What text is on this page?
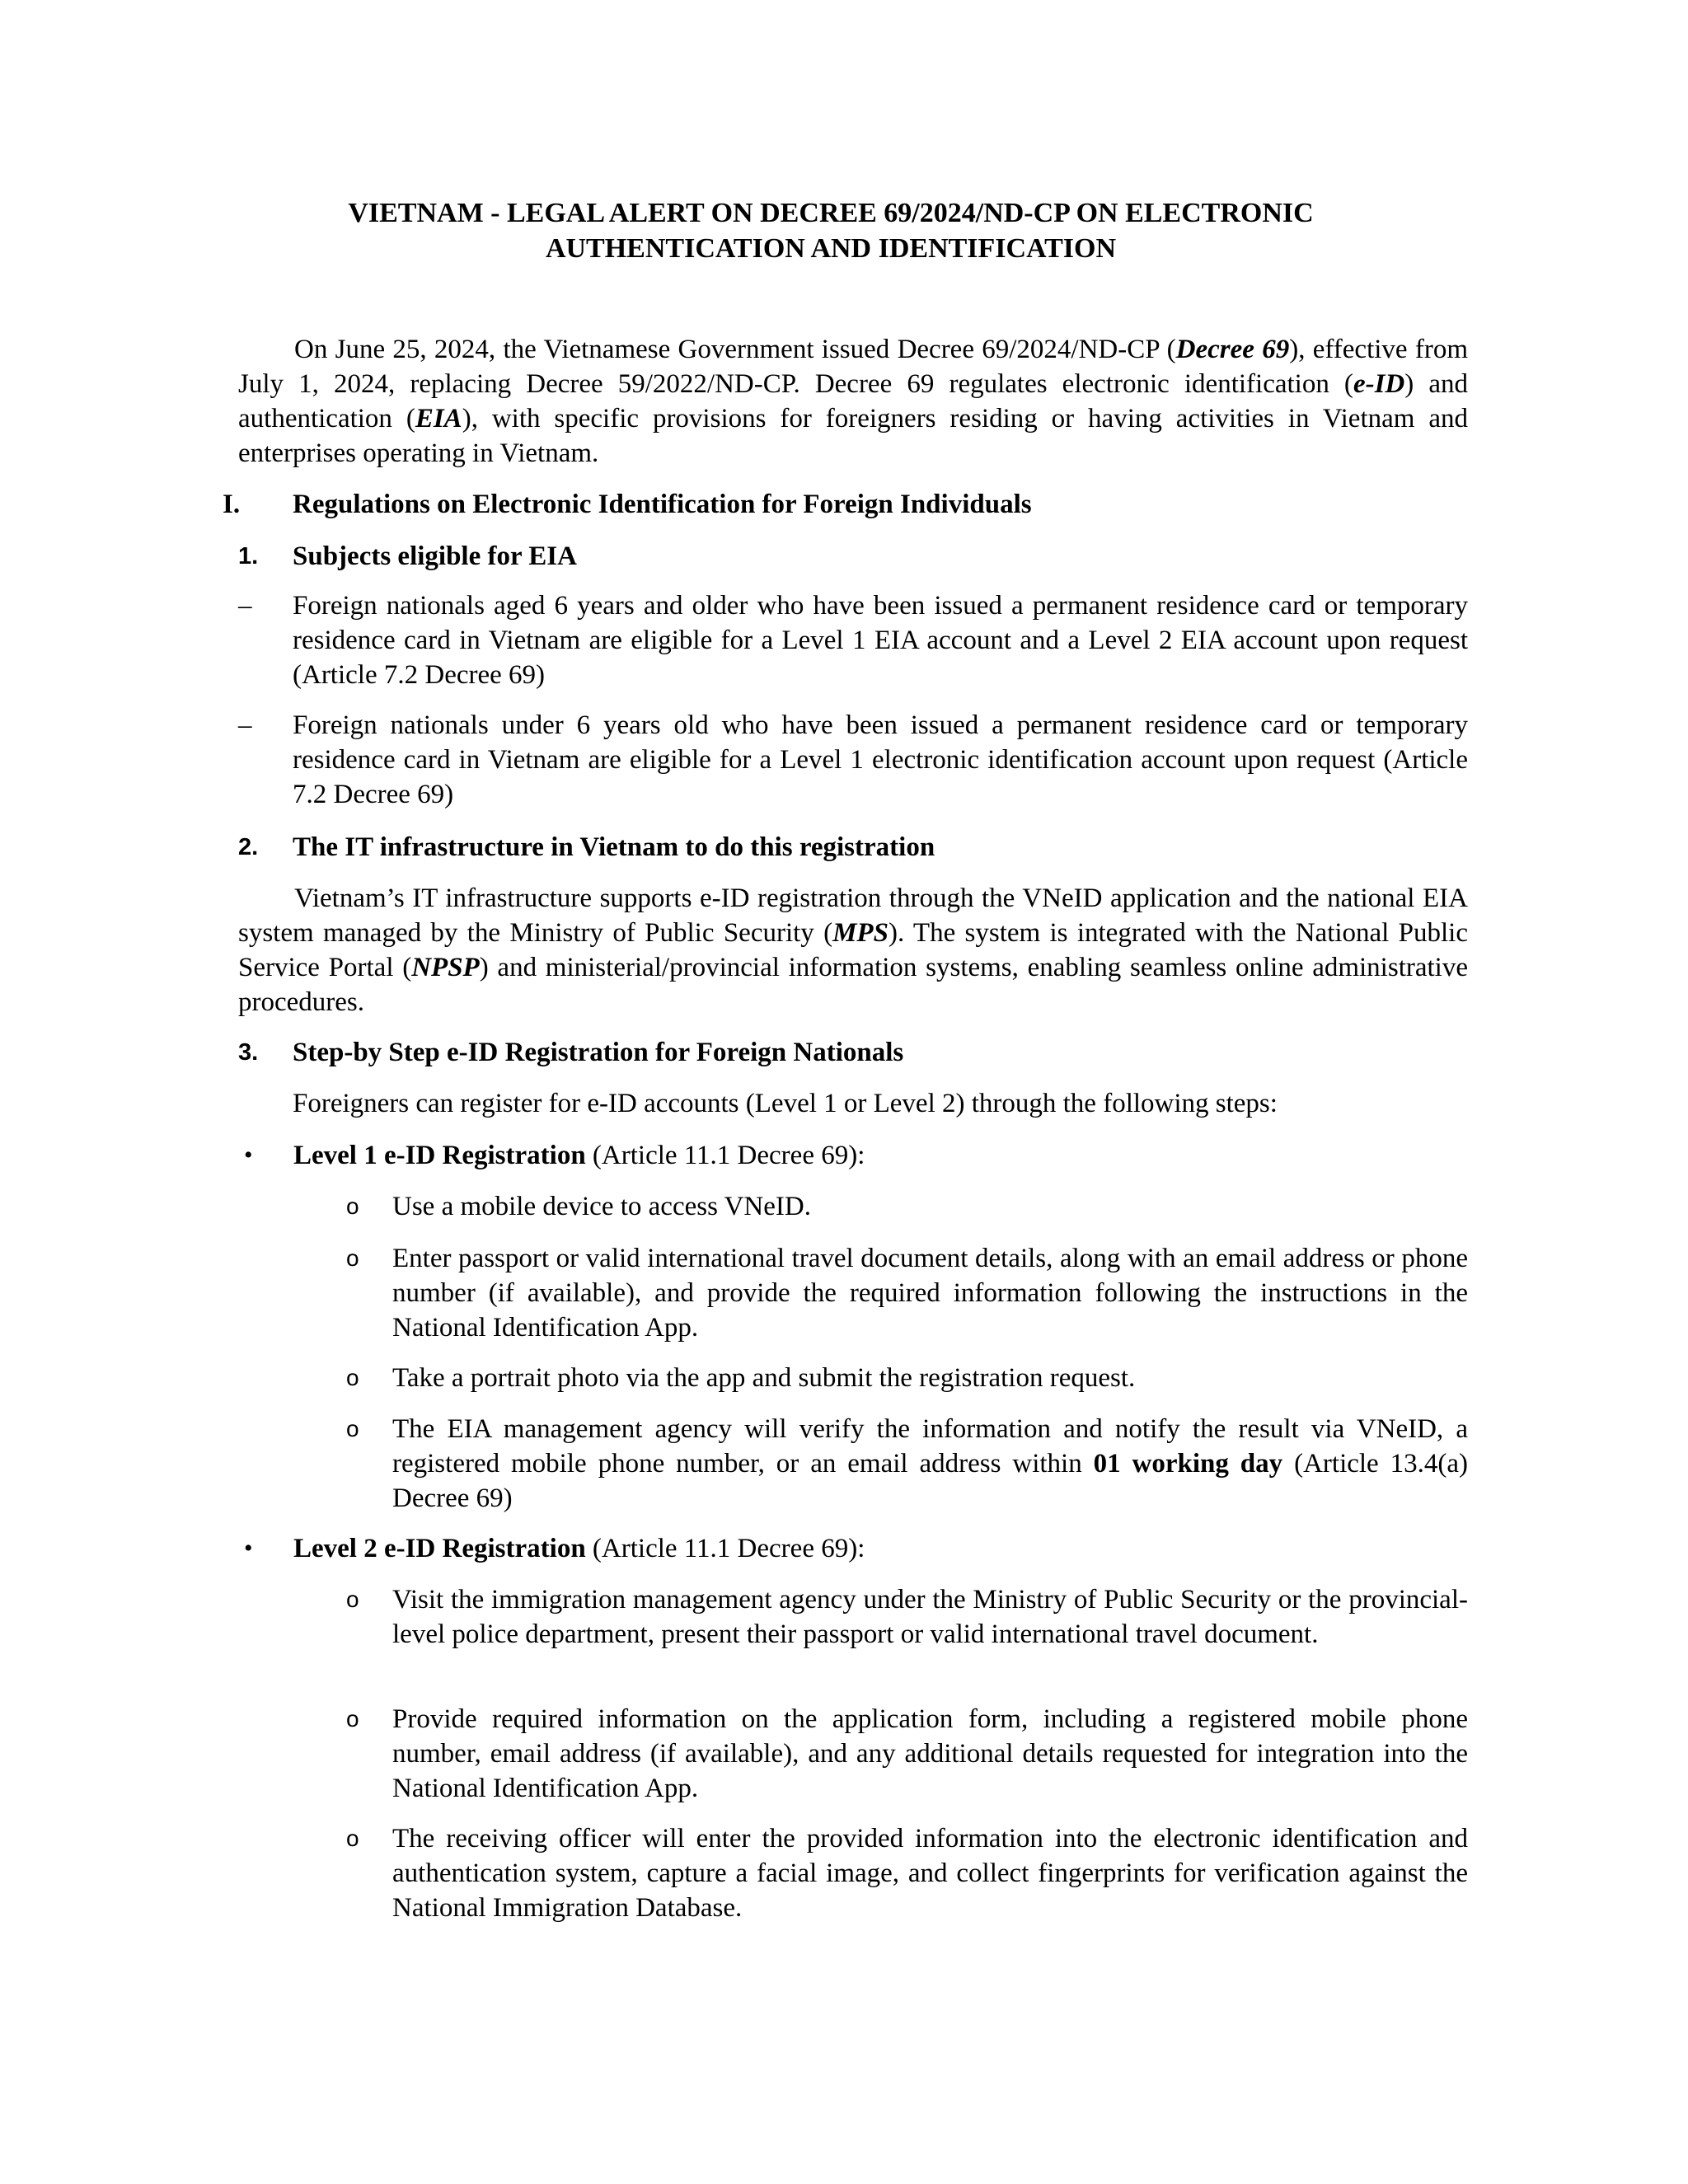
VIETNAM - LEGAL ALERT ON DECREE 69/2024/ND-CP ON ELECTRONIC
AUTHENTICATION AND IDENTIFICATION
On June 25, 2024, the Vietnamese Government issued Decree 69/2024/ND-CP (Decree 69), effective from July 1, 2024, replacing Decree 59/2022/ND-CP. Decree 69 regulates electronic identification (e-ID) and authentication (EIA), with specific provisions for foreigners residing or having activities in Vietnam and enterprises operating in Vietnam.
I. Regulations on Electronic Identification for Foreign Individuals
1. Subjects eligible for EIA
– Foreign nationals aged 6 years and older who have been issued a permanent residence card or temporary residence card in Vietnam are eligible for a Level 1 EIA account and a Level 2 EIA account upon request (Article 7.2 Decree 69)
– Foreign nationals under 6 years old who have been issued a permanent residence card or temporary residence card in Vietnam are eligible for a Level 1 electronic identification account upon request (Article 7.2 Decree 69)
2. The IT infrastructure in Vietnam to do this registration
Vietnam’s IT infrastructure supports e-ID registration through the VNeID application and the national EIA system managed by the Ministry of Public Security (MPS). The system is integrated with the National Public Service Portal (NPSP) and ministerial/provincial information systems, enabling seamless online administrative procedures.
3. Step-by Step e-ID Registration for Foreign Nationals
Foreigners can register for e-ID accounts (Level 1 or Level 2) through the following steps:
• Level 1 e-ID Registration (Article 11.1 Decree 69):
o Use a mobile device to access VNeID.
o Enter passport or valid international travel document details, along with an email address or phone number (if available), and provide the required information following the instructions in the National Identification App.
o Take a portrait photo via the app and submit the registration request.
o The EIA management agency will verify the information and notify the result via VNeID, a registered mobile phone number, or an email address within 01 working day (Article 13.4(a) Decree 69)
• Level 2 e-ID Registration (Article 11.1 Decree 69):
o Visit the immigration management agency under the Ministry of Public Security or the provincial-level police department, present their passport or valid international travel document.
o Provide required information on the application form, including a registered mobile phone number, email address (if available), and any additional details requested for integration into the National Identification App.
o The receiving officer will enter the provided information into the electronic identification and authentication system, capture a facial image, and collect fingerprints for verification against the National Immigration Database.
